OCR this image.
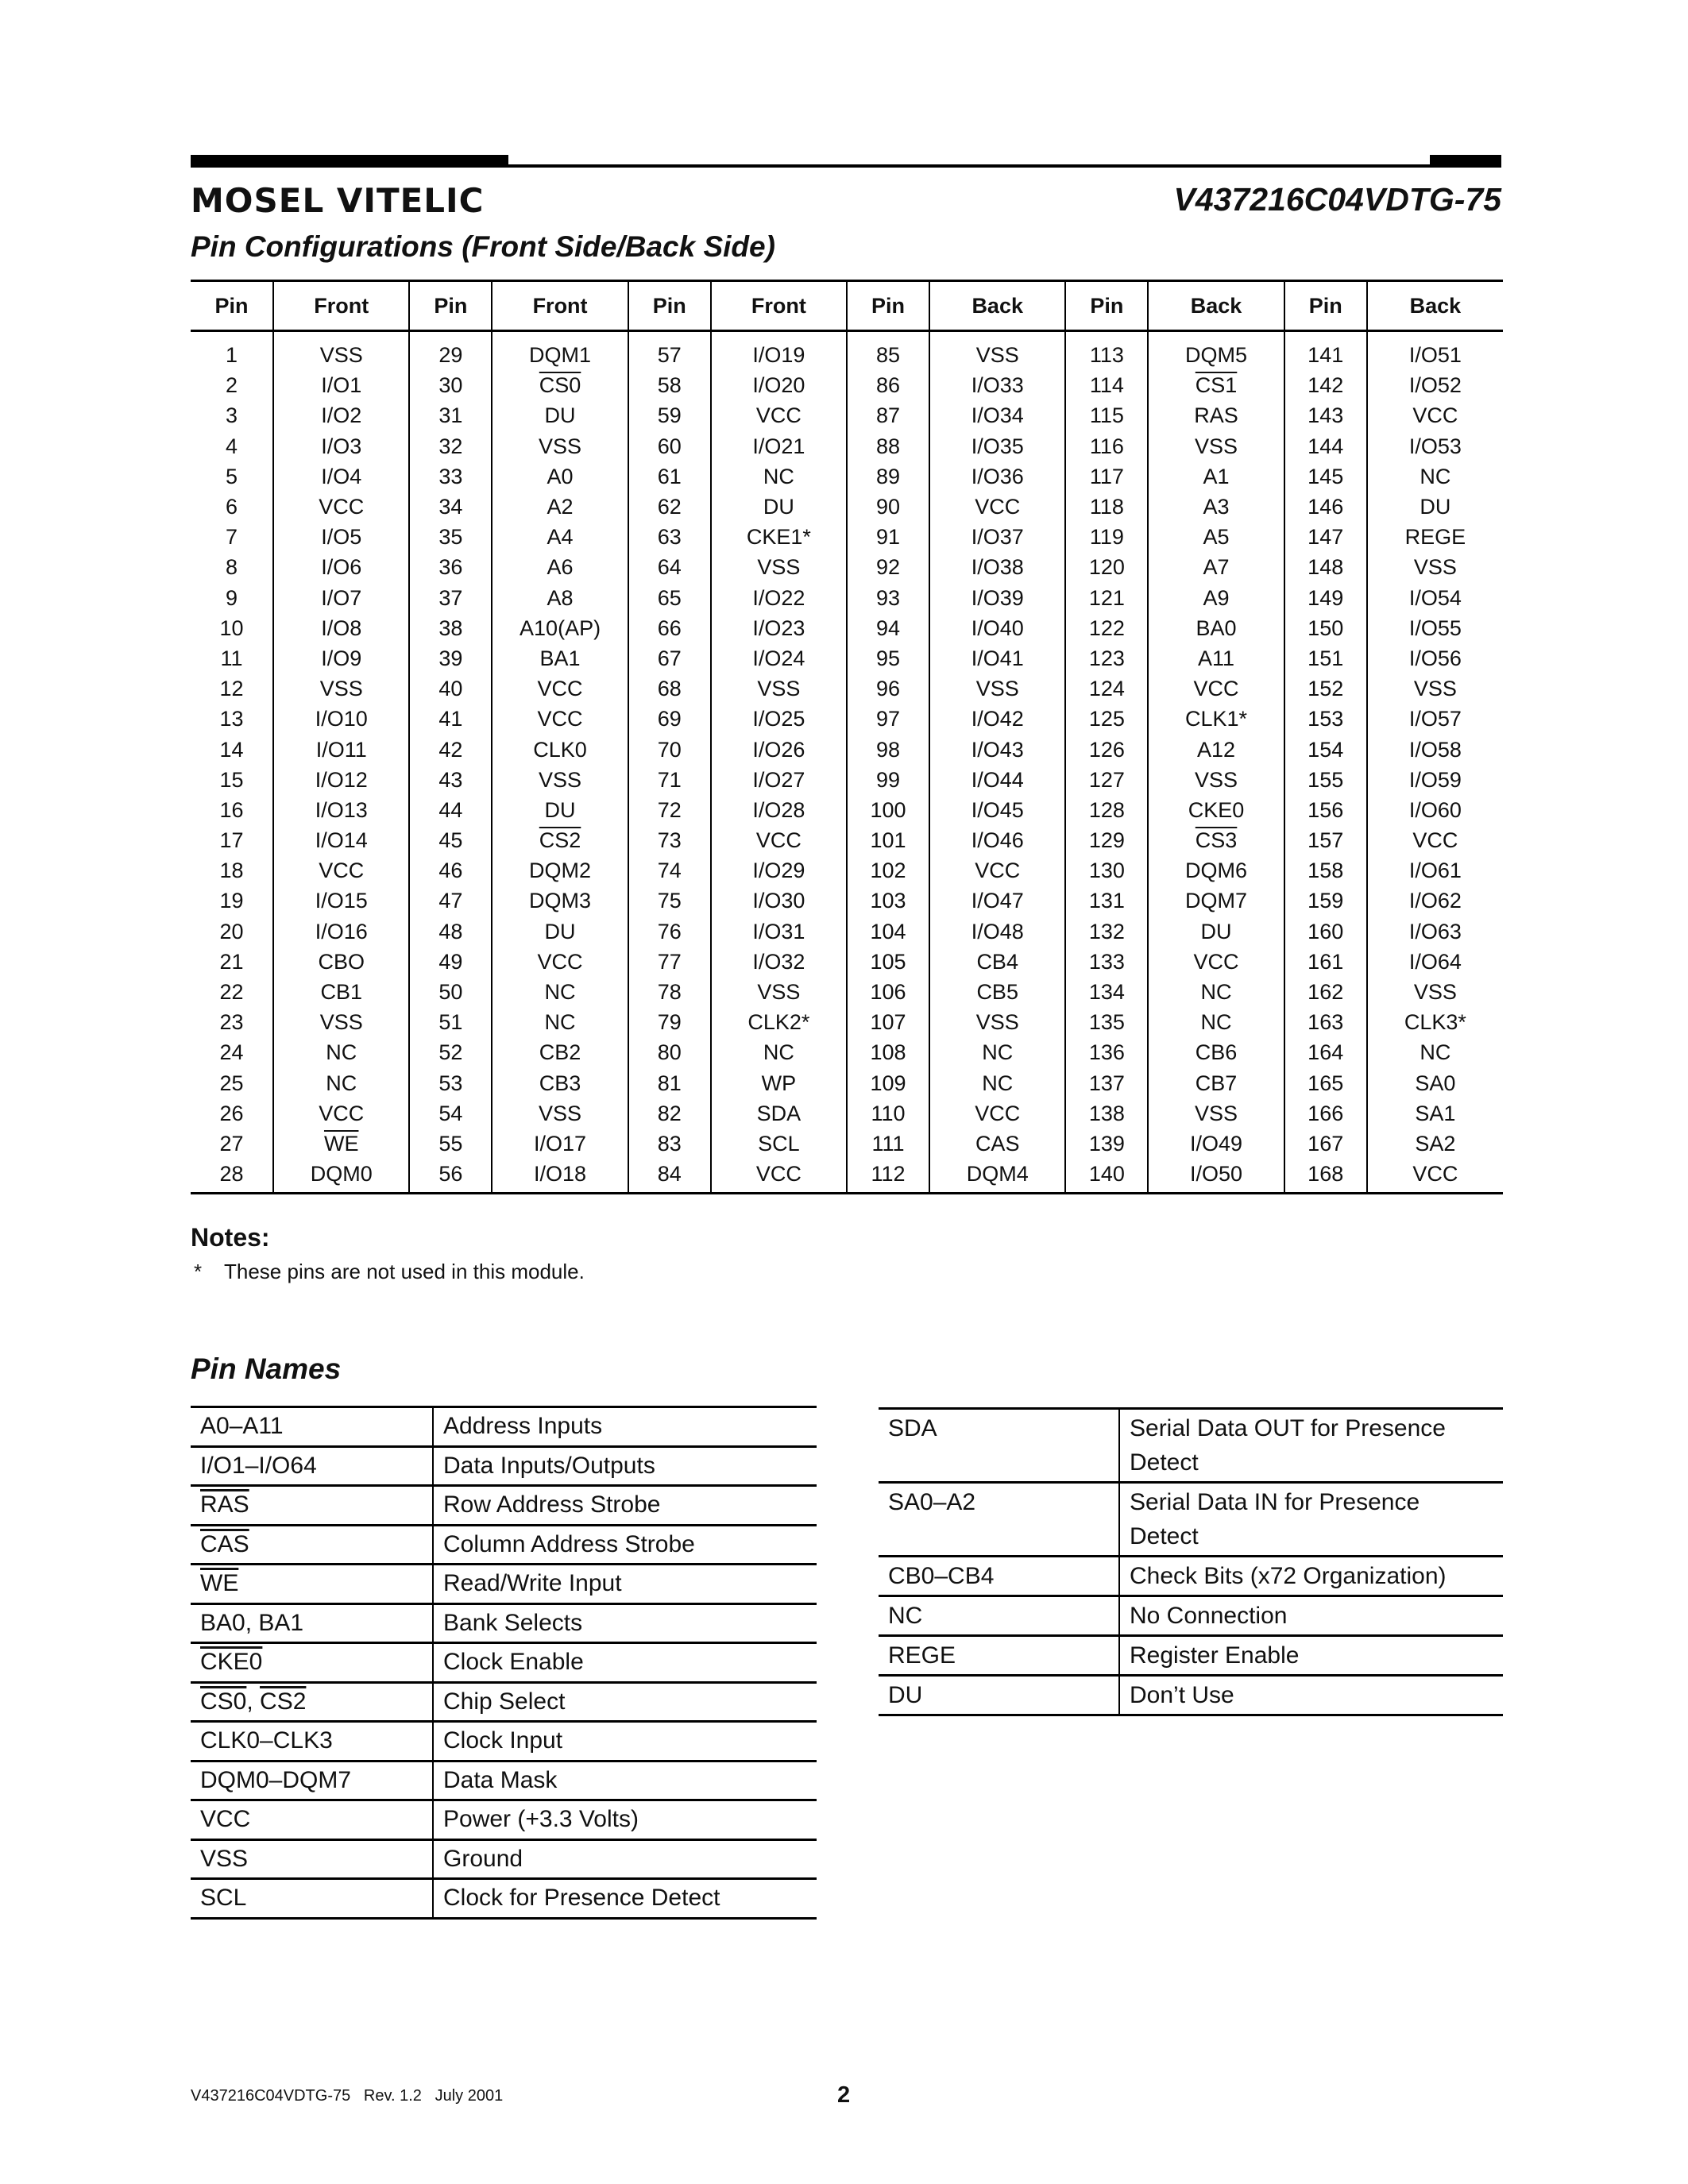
MOSEL VITELIC	V437216C04VDTG-75
Pin Configurations (Front Side/Back Side)
Pin	Front	Pin	Front	Pin	Front	Pin	Back	Pin	Back	Pin	Back
1	VSS	29	DQM1	57	I/O19	85	VSS	113	DQM5	141	I/O51
2	I/O1	30	CS0	58	I/O20	86	I/O33	114	CS1	142	I/O52
3	I/O2	31	DU	59	VCC	87	I/O34	115	RAS	143	VCC
4	I/O3	32	VSS	60	I/O21	88	I/O35	116	VSS	144	I/O53
5	I/O4	33	A0	61	NC	89	I/O36	117	A1	145	NC
6	VCC	34	A2	62	DU	90	VCC	118	A3	146	DU
7	I/O5	35	A4	63	CKE1*	91	I/O37	119	A5	147	REGE
8	I/O6	36	A6	64	VSS	92	I/O38	120	A7	148	VSS
9	I/O7	37	A8	65	I/O22	93	I/O39	121	A9	149	I/O54
10	I/O8	38	A10(AP)	66	I/O23	94	I/O40	122	BA0	150	I/O55
11	I/O9	39	BA1	67	I/O24	95	I/O41	123	A11	151	I/O56
12	VSS	40	VCC	68	VSS	96	VSS	124	VCC	152	VSS
13	I/O10	41	VCC	69	I/O25	97	I/O42	125	CLK1*	153	I/O57
14	I/O11	42	CLK0	70	I/O26	98	I/O43	126	A12	154	I/O58
15	I/O12	43	VSS	71	I/O27	99	I/O44	127	VSS	155	I/O59
16	I/O13	44	DU	72	I/O28	100	I/O45	128	CKE0	156	I/O60
17	I/O14	45	CS2	73	VCC	101	I/O46	129	CS3	157	VCC
18	VCC	46	DQM2	74	I/O29	102	VCC	130	DQM6	158	I/O61
19	I/O15	47	DQM3	75	I/O30	103	I/O47	131	DQM7	159	I/O62
20	I/O16	48	DU	76	I/O31	104	I/O48	132	DU	160	I/O63
21	CBO	49	VCC	77	I/O32	105	CB4	133	VCC	161	I/O64
22	CB1	50	NC	78	VSS	106	CB5	134	NC	162	VSS
23	VSS	51	NC	79	CLK2*	107	VSS	135	NC	163	CLK3*
24	NC	52	CB2	80	NC	108	NC	136	CB6	164	NC
25	NC	53	CB3	81	WP	109	NC	137	CB7	165	SA0
26	VCC	54	VSS	82	SDA	110	VCC	138	VSS	166	SA1
27	$\overline{WE}$	55	I/O17	83	SCL	111	CAS	139	I/O49	167	SA2
28	DQM0	56	I/O18	84	VCC	112	DQM4	140	I/O50	168	VCC
Notes:
* These pins are not used in this module.
Pin Names
A0–A11	Address Inputs
I/O1–I/O64	Data Inputs/Outputs
$\overline{RAS}$	Row Address Strobe
$\overline{CAS}$	Column Address Strobe
$\overline{WE}$	Read/Write Input
BA0, BA1	Bank Selects
CKE0	Clock Enable
CS0, CS2	Chip Select
CLK0–CLK3	Clock Input
DQM0–DQM7	Data Mask
VCC	Power (+3.3 Volts)
VSS	Ground
SCL	Clock for Presence Detect
SDA	Serial Data OUT for Presence
Detect

SA0–A2	Serial Data IN for Presence
Detect

CB0–CB4	Check Bits (x72 Organization)
NC	No Connection
REGE	Register Enable
DU	Don’t Use
V437216C04VDTG-75 Rev. 1.2 July 2001	2
